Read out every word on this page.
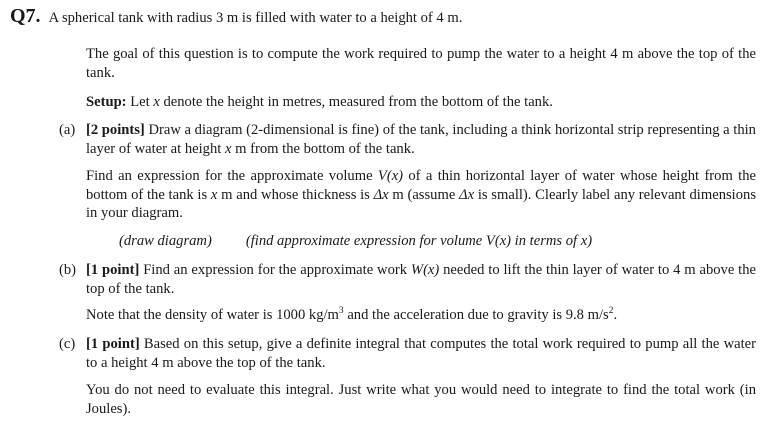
Q7. A spherical tank with radius 3 m is filled with water to a height of 4 m.
The goal of this question is to compute the work required to pump the water to a height 4 m above the top of the tank.
Setup: Let x denote the height in metres, measured from the bottom of the tank.
(a) [2 points] Draw a diagram (2-dimensional is fine) of the tank, including a think horizontal strip representing a thin layer of water at height x m from the bottom of the tank.
Find an expression for the approximate volume V(x) of a thin horizontal layer of water whose height from the bottom of the tank is x m and whose thickness is Δx m (assume Δx is small). Clearly label any relevant dimensions in your diagram.
(draw diagram) (find approximate expression for volume V(x) in terms of x)
(b) [1 point] Find an expression for the approximate work W(x) needed to lift the thin layer of water to 4 m above the top of the tank.
Note that the density of water is 1000 $kg/m^3$ and the acceleration due to gravity is 9.8 $m/s^2$.
(c) [1 point] Based on this setup, give a definite integral that computes the total work required to pump all the water to a height 4 m above the top of the tank.
You do not need to evaluate this integral. Just write what you would need to integrate to find the total work (in Joules).
